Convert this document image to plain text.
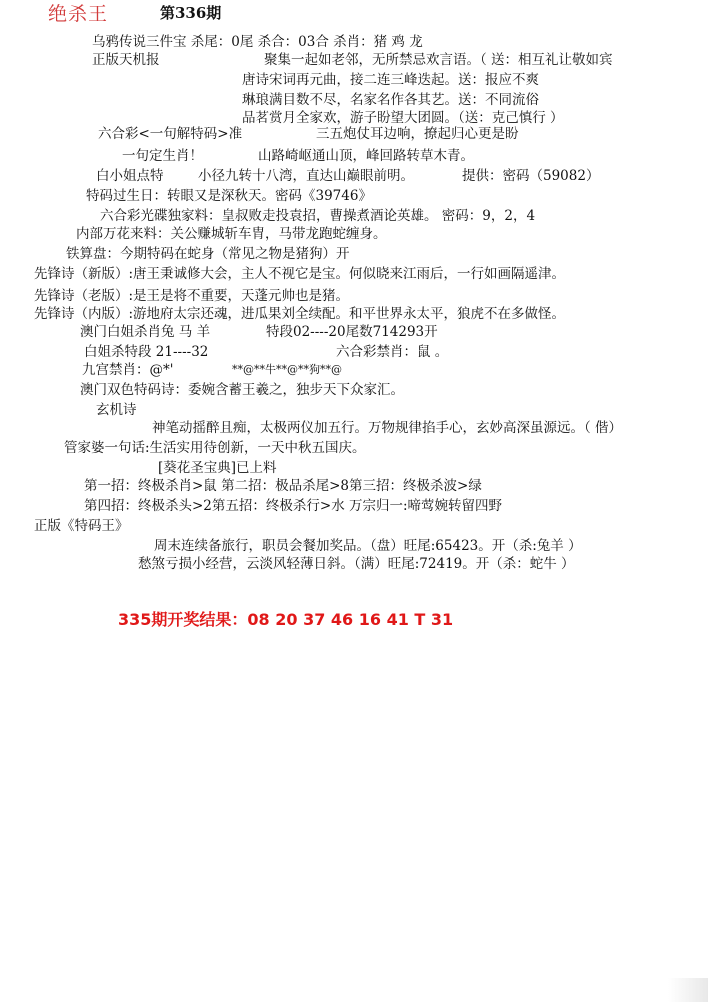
绝杀王	第336期
乌鸦传说三件宝 杀尾：0尾 杀合：03合 杀肖：猪 鸡 龙
正版天机报	聚集一起如老邻，无所禁忌欢言语。（ 送：相互礼让敬如宾
唐诗宋词再元曲，接二连三峰迭起。送：报应不爽
琳琅满目数不尽，名家名作各其艺。送：不同流俗
品茗赏月全家欢，游子盼望大团圆。（送：克己慎行 ）
六合彩<一句解特码>准	三五炮仗耳边响，撩起归心更是盼
一句定生肖！	山路崎岖通山顶，峰回路转草木青。
白小姐点特	小径九转十八湾，直达山巅眼前明。	提供：密码（59082）
特码过生日：转眼又是深秋天。密码《39746》
六合彩光碟独家料：皇叔败走投袁招，曹操煮酒论英雄。 密码：9，2，4
内部万花来料：关公赚城斩车胄，马带龙跑蛇缠身。
铁算盘：今期特码在蛇身（常见之物是猪狗）开
先锋诗（新版）:唐王秉诚修大会，主人不视它是宝。何似晓来江雨后，一行如画隔遥津。
先锋诗（老版）:是王是将不重要，天蓬元帅也是猪。
先锋诗（内版）:游地府太宗还魂，进瓜果刘全续配。和平世界永太平，狼虎不在多做怪。
澳门白姐杀肖兔 马 羊	特段02----20尾数714293开
白姐杀特段 21----32	六合彩禁肖：鼠 。
九宫禁肖：@*'	**@**牛**@**狗**@
澳门双色特码诗：委婉含蓄王羲之，独步天下众家汇。
玄机诗
神笔动摇醉且痴，太极两仪加五行。万物规律掐手心，玄妙高深虽源远。（ 偕）
管家婆一句话:生活实用待创新，一天中秋五国庆。
[葵花圣宝典]已上料
第一招：终极杀肖>鼠 第二招：极品杀尾>8第三招：终极杀波>绿
第四招：终极杀头>2第五招：终极杀行>水 万宗归一:啼莺婉转留四野
正版《特码王》
周末连续备旅行，职员会餐加奖品。（盘）旺尾:65423。开（杀:兔羊 ）
愁煞亏损小经营，云淡风轻薄日斜。（满）旺尾:72419。开（杀：蛇牛 ）
335期开奖结果：08 20 37 46 16 41 T 31
